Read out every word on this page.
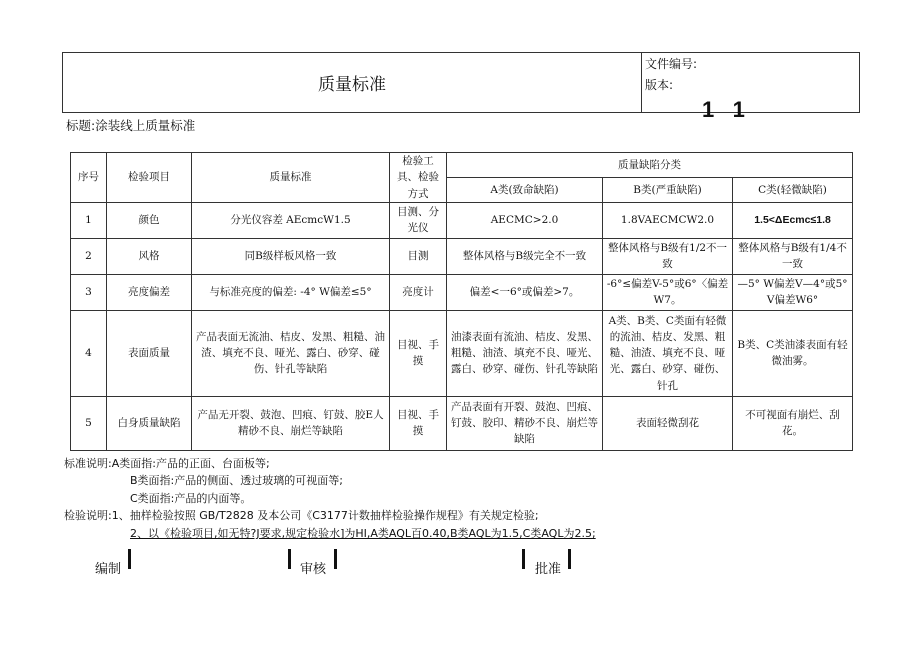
质量标准
文件编号:
版本:
1   1
标题:涂装线上质量标准
序号	检验项目	质量标准	检验工具、检验方式	质量缺陷分类		
				A类(致命缺陷)	B类(严重缺陷)	C类(轻微缺陷)
1	颜色	分光仪容差 AEcmcW1.5	目测、分光仪	AECMC>2.0	1.8VAECMCW2.0	1.5<ΔEcmc≤1.8
2	风格	同B级样板风格一致	目测	整体风格与B级完全不一致	整体风格与B级有1/2不一致	整体风格与B级有1/4不一致
3	亮度偏差	与标准亮度的偏差: -4° W偏差≤5°	亮度计	偏差<一6°或偏差>7。	-6°≤偏差V-5°或6°〈偏差W7。	—5° W偏差V—4°或5° V偏差W6°
4	表面质量	产品表面无流油、桔皮、发黑、粗糙、油渣、填充不良、哑光、露白、砂穿、碰伤、针孔等缺陷	目视、手摸	油漆表面有流油、桔皮、发黑、粗糙、油渣、填充不良、哑光、露白、砂穿、碰伤、针孔等缺陷	A类、B类、C类面有轻微的流油、桔皮、发黑、粗糙、油渣、填充不良、哑光、露白、砂穿、碰伤、针孔	B类、C类油漆表面有轻微油雾。
5	白身质量缺陷	产品无开裂、鼓泡、凹痕、钉鼓、胶E人精砂不良、崩烂等缺陷	目视、手摸	产品表面有开裂、鼓泡、凹痕、钉鼓、胶印、精砂不良、崩烂等缺陷	表面轻微刮花	不可视面有崩烂、刮花。
标准说明:A类面指:产品的正面、台面板等;
B类面指:产品的侧面、透过玻璃的可视面等;
C类面指:产品的内面等。
检验说明:1、抽样检验按照 GB/T2828 及本公司《C3177计数抽样检验操作规程》有关规定检验;
2、以《检验项目,如无特?J要求,规定检验水]为HI,A类AQL百0.40,B类AQL为1.5,C类AQL为2.5;
编制	审核	批准
